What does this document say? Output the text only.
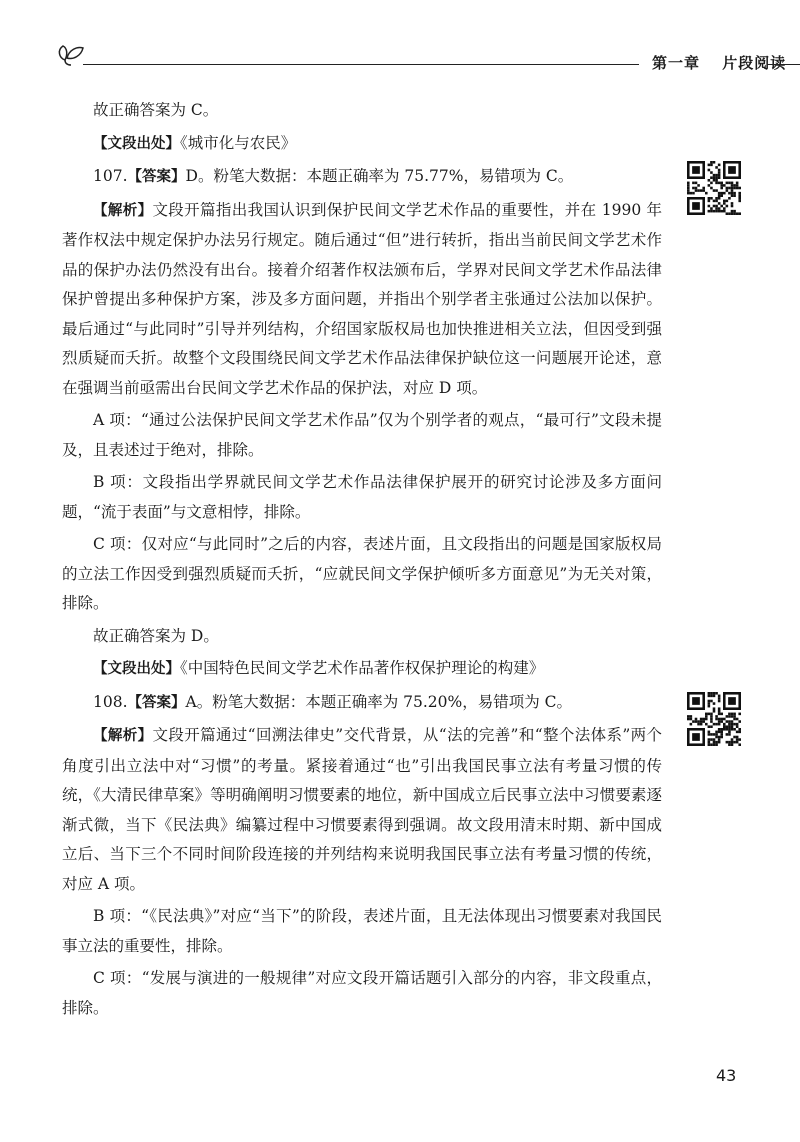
第一章 片段阅读

故正确答案为 C。

【文段出处】《城市化与农民》

107.【答案】D。粉笔大数据：本题正确率为 75.77%，易错项为 C。

【解析】文段开篇指出我国认识到保护民间文学艺术作品的重要性，并在 1990 年著作权法中规定保护办法另行规定。随后通过“但”进行转折，指出当前民间文学艺术作品的保护办法仍然没有出台。接着介绍著作权法颁布后，学界对民间文学艺术作品法律保护曾提出多种保护方案，涉及多方面问题，并指出个别学者主张通过公法加以保护。最后通过“与此同时”引导并列结构，介绍国家版权局也加快推进相关立法，但因受到强烈质疑而夭折。故整个文段围绕民间文学艺术作品法律保护缺位这一问题展开论述，意在强调当前亟需出台民间文学艺术作品的保护法，对应 D 项。

A 项：“通过公法保护民间文学艺术作品”仅为个别学者的观点，“最可行”文段未提及，且表述过于绝对，排除。

B 项：文段指出学界就民间文学艺术作品法律保护展开的研究讨论涉及多方面问题，“流于表面”与文意相悖，排除。

C 项：仅对应“与此同时”之后的内容，表述片面，且文段指出的问题是国家版权局的立法工作因受到强烈质疑而夭折，“应就民间文学保护倾听多方面意见”为无关对策，排除。

故正确答案为 D。

【文段出处】《中国特色民间文学艺术作品著作权保护理论的构建》

108.【答案】A。粉笔大数据：本题正确率为 75.20%，易错项为 C。

【解析】文段开篇通过“回溯法律史”交代背景，从“法的完善”和“整个法体系”两个角度引出立法中对“习惯”的考量。紧接着通过“也”引出我国民事立法有考量习惯的传统，《大清民律草案》等明确阐明习惯要素的地位，新中国成立后民事立法中习惯要素逐渐式微，当下《民法典》编纂过程中习惯要素得到强调。故文段用清末时期、新中国成立后、当下三个不同时间阶段连接的并列结构来说明我国民事立法有考量习惯的传统，对应 A 项。

B 项：“《民法典》”对应“当下”的阶段，表述片面，且无法体现出习惯要素对我国民事立法的重要性，排除。

C 项：“发展与演进的一般规律”对应文段开篇话题引入部分的内容，非文段重点，排除。

43
